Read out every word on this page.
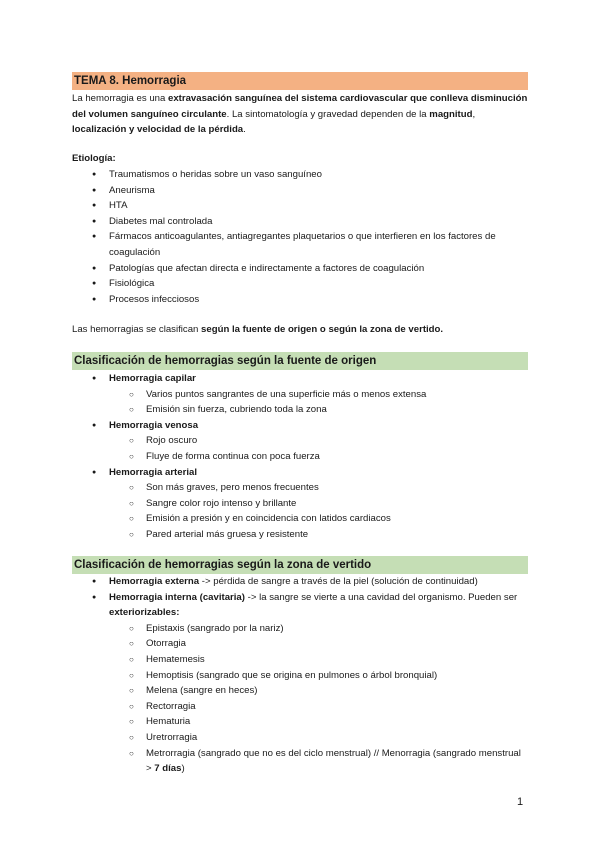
TEMA 8. Hemorragia
La hemorragia es una extravasación sanguínea del sistema cardiovascular que conlleva disminución del volumen sanguíneo circulante. La sintomatología y gravedad dependen de la magnitud, localización y velocidad de la pérdida.
Etiología:
● Traumatismos o heridas sobre un vaso sanguíneo
● Aneurisma
● HTA
● Diabetes mal controlada
● Fármacos anticoagulantes, antiagregantes plaquetarios o que interfieren en los factores de coagulación
● Patologías que afectan directa e indirectamente a factores de coagulación
● Fisiológica
● Procesos infecciosos
Las hemorragias se clasifican según la fuente de origen o según la zona de vertido.
Clasificación de hemorragias según la fuente de origen
● Hemorragia capilar
○ Varios puntos sangrantes de una superficie más o menos extensa
○ Emisión sin fuerza, cubriendo toda la zona
● Hemorragia venosa
○ Rojo oscuro
○ Fluye de forma continua con poca fuerza
● Hemorragia arterial
○ Son más graves, pero menos frecuentes
○ Sangre color rojo intenso y brillante
○ Emisión a presión y en coincidencia con latidos cardiacos
○ Pared arterial más gruesa y resistente
Clasificación de hemorragias según la zona de vertido
● Hemorragia externa -> pérdida de sangre a través de la piel (solución de continuidad)
● Hemorragia interna (cavitaria) -> la sangre se vierte a una cavidad del organismo. Pueden ser exteriorizables:
○ Epistaxis (sangrado por la nariz)
○ Otorragia
○ Hematemesis
○ Hemoptisis (sangrado que se origina en pulmones o árbol bronquial)
○ Melena (sangre en heces)
○ Rectorragia
○ Hematuria
○ Uretrorragia
○ Metrorragia (sangrado que no es del ciclo menstrual) // Menorragia (sangrado menstrual > 7 días)
1
